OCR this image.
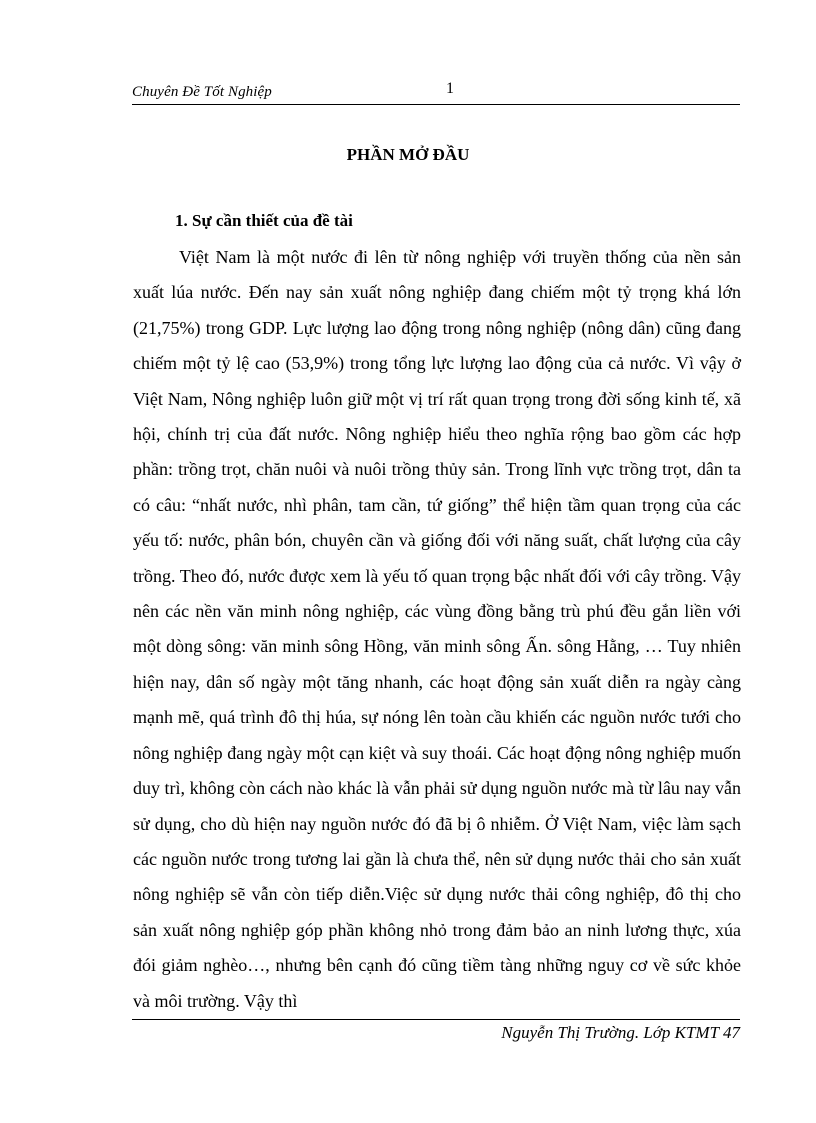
Chuyên Đề Tốt Nghiệp	1
PHẦN MỞ ĐẦU
1. Sự cần thiết của đề tài

Việt Nam là một nước đi lên từ nông nghiệp với truyền thống của nền sản xuất lúa nước. Đến nay sản xuất nông nghiệp đang chiếm một tỷ trọng khá lớn (21,75%) trong GDP. Lực lượng lao động trong nông nghiệp (nông dân) cũng đang chiếm một tỷ lệ cao (53,9%) trong tổng lực lượng lao động của cả nước. Vì vậy ở Việt Nam, Nông nghiệp luôn giữ một vị trí rất quan trọng trong đời sống kinh tế, xã hội, chính trị của đất nước. Nông nghiệp hiểu theo nghĩa rộng bao gồm các hợp phần: trồng trọt, chăn nuôi và nuôi trồng thủy sản. Trong lĩnh vực trồng trọt, dân ta có câu: “nhất nước, nhì phân, tam cần, tứ giống” thể hiện tầm quan trọng của các yếu tố: nước, phân bón, chuyên cần và giống đối với năng suất, chất lượng của cây trồng. Theo đó, nước được xem là yếu tố quan trọng bậc nhất đối với cây trồng. Vậy nên các nền văn minh nông nghiệp, các vùng đồng bằng trù phú đều gắn liền với một dòng sông: văn minh sông Hồng, văn minh sông Ấn. sông Hằng, … Tuy nhiên hiện nay, dân số ngày một tăng nhanh, các hoạt động sản xuất diễn ra ngày càng mạnh mẽ, quá trình đô thị húa, sự nóng lên toàn cầu khiến các nguồn nước tưới cho nông nghiệp đang ngày một cạn kiệt và suy thoái. Các hoạt động nông nghiệp muốn duy trì, không còn cách nào khác là vẫn phải sử dụng nguồn nước mà từ lâu nay vẫn sử dụng, cho dù hiện nay nguồn nước đó đã bị ô nhiễm. Ở Việt Nam, việc làm sạch các nguồn nước trong tương lai gần là chưa thể, nên sử dụng nước thải cho sản xuất nông nghiệp sẽ vẫn còn tiếp diễn.Việc sử dụng nước thải công nghiệp, đô thị cho sản xuất nông nghiệp góp phần không nhỏ trong đảm bảo an ninh lương thực, xúa đói giảm nghèo…, nhưng bên cạnh đó cũng tiềm tàng những nguy cơ về sức khỏe và môi trường. Vậy thì

Nguyễn Thị Trường. Lớp KTMT 47
